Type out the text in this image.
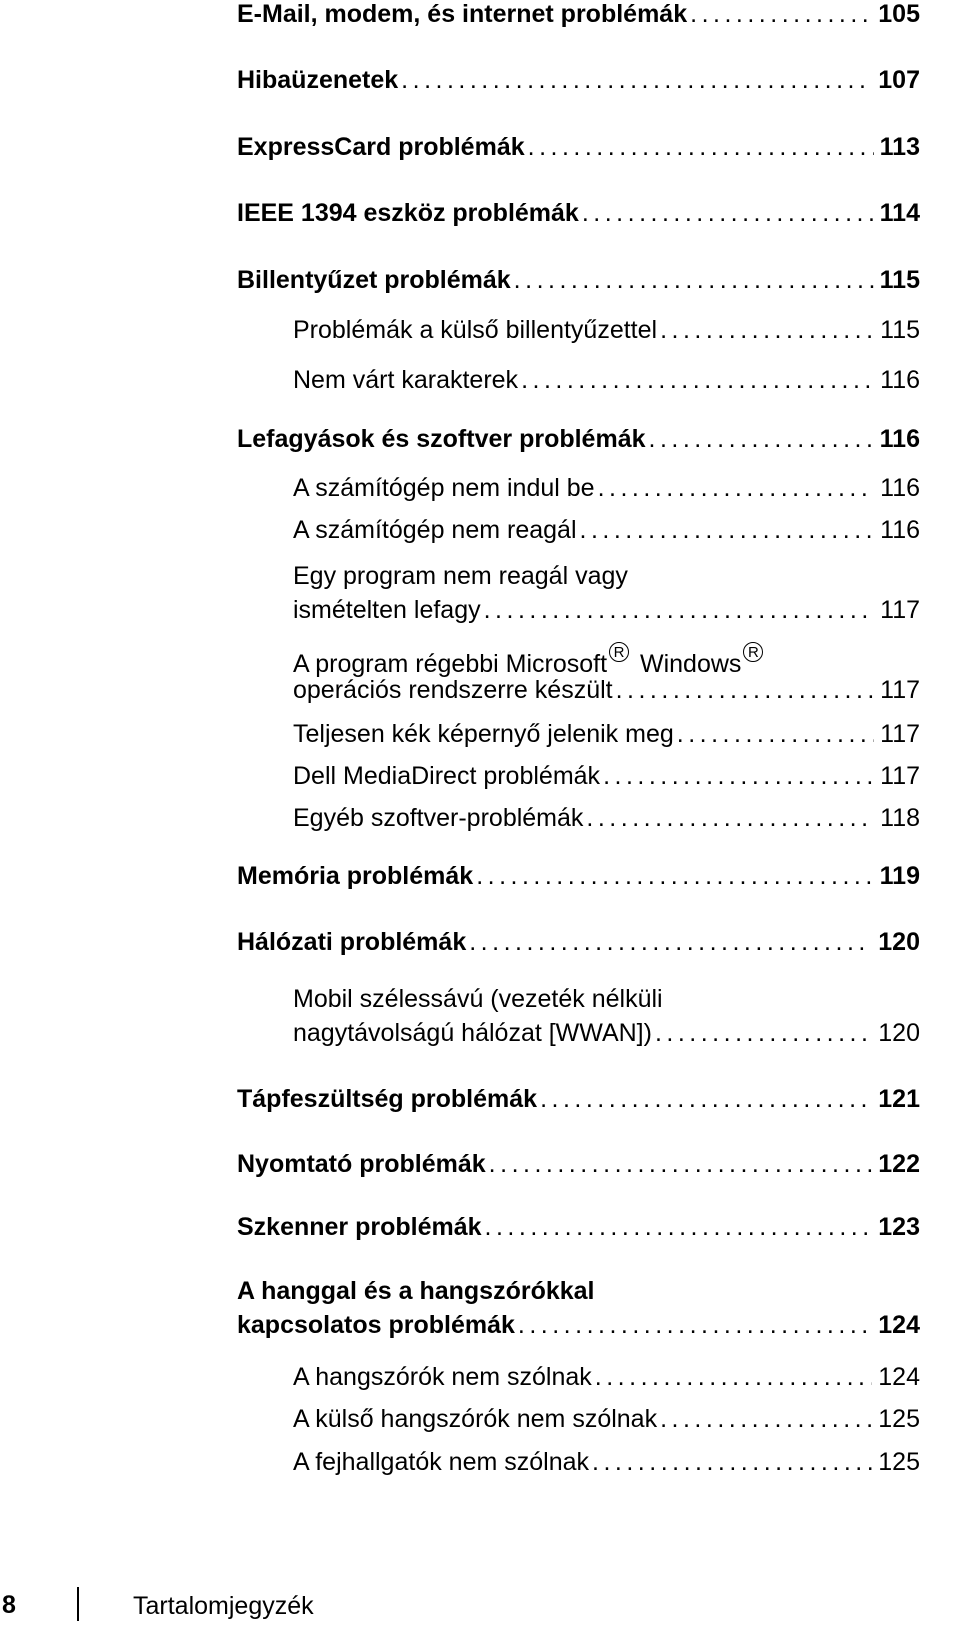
E-Mail, modem, és internet problémák .....	105
Hibaüzenetek .....	107
ExpressCard problémák .....	113
IEEE 1394 eszköz problémák .....	114
Billentyűzet problémák .....	115
Problémák a külső billentyűzettel .....	115
Nem várt karakterek .....	116
Lefagyások és szoftver problémák .....	116
A számítógép nem indul be .....	116
A számítógép nem reagál .....	116
Egy program nem reagál vagy
ismételten lefagy .....	117
A program régebbi Microsoft $^R$ Windows $^R$
operációs rendszerre készült .....	117
Teljesen kék képernyő jelenik meg .....	117
Dell MediaDirect problémák .....	117
Egyéb szoftver-problémák .....	118
Memória problémák .....	119
Hálózati problémák .....	120
Mobil szélessávú (vezeték nélküli
nagytávolságú hálózat [WWAN]) .....	120
Tápfeszültség problémák .....	121
Nyomtató problémák .....	122
Szkenner problémák .....	123
A hanggal és a hangszórókkal
kapcsolatos problémák .....	124
A hangszórók nem szólnak .....	124
A külső hangszórók nem szólnak .....	125
A fejhallgatók nem szólnak .....	125
8	Tartalomjegyzék
